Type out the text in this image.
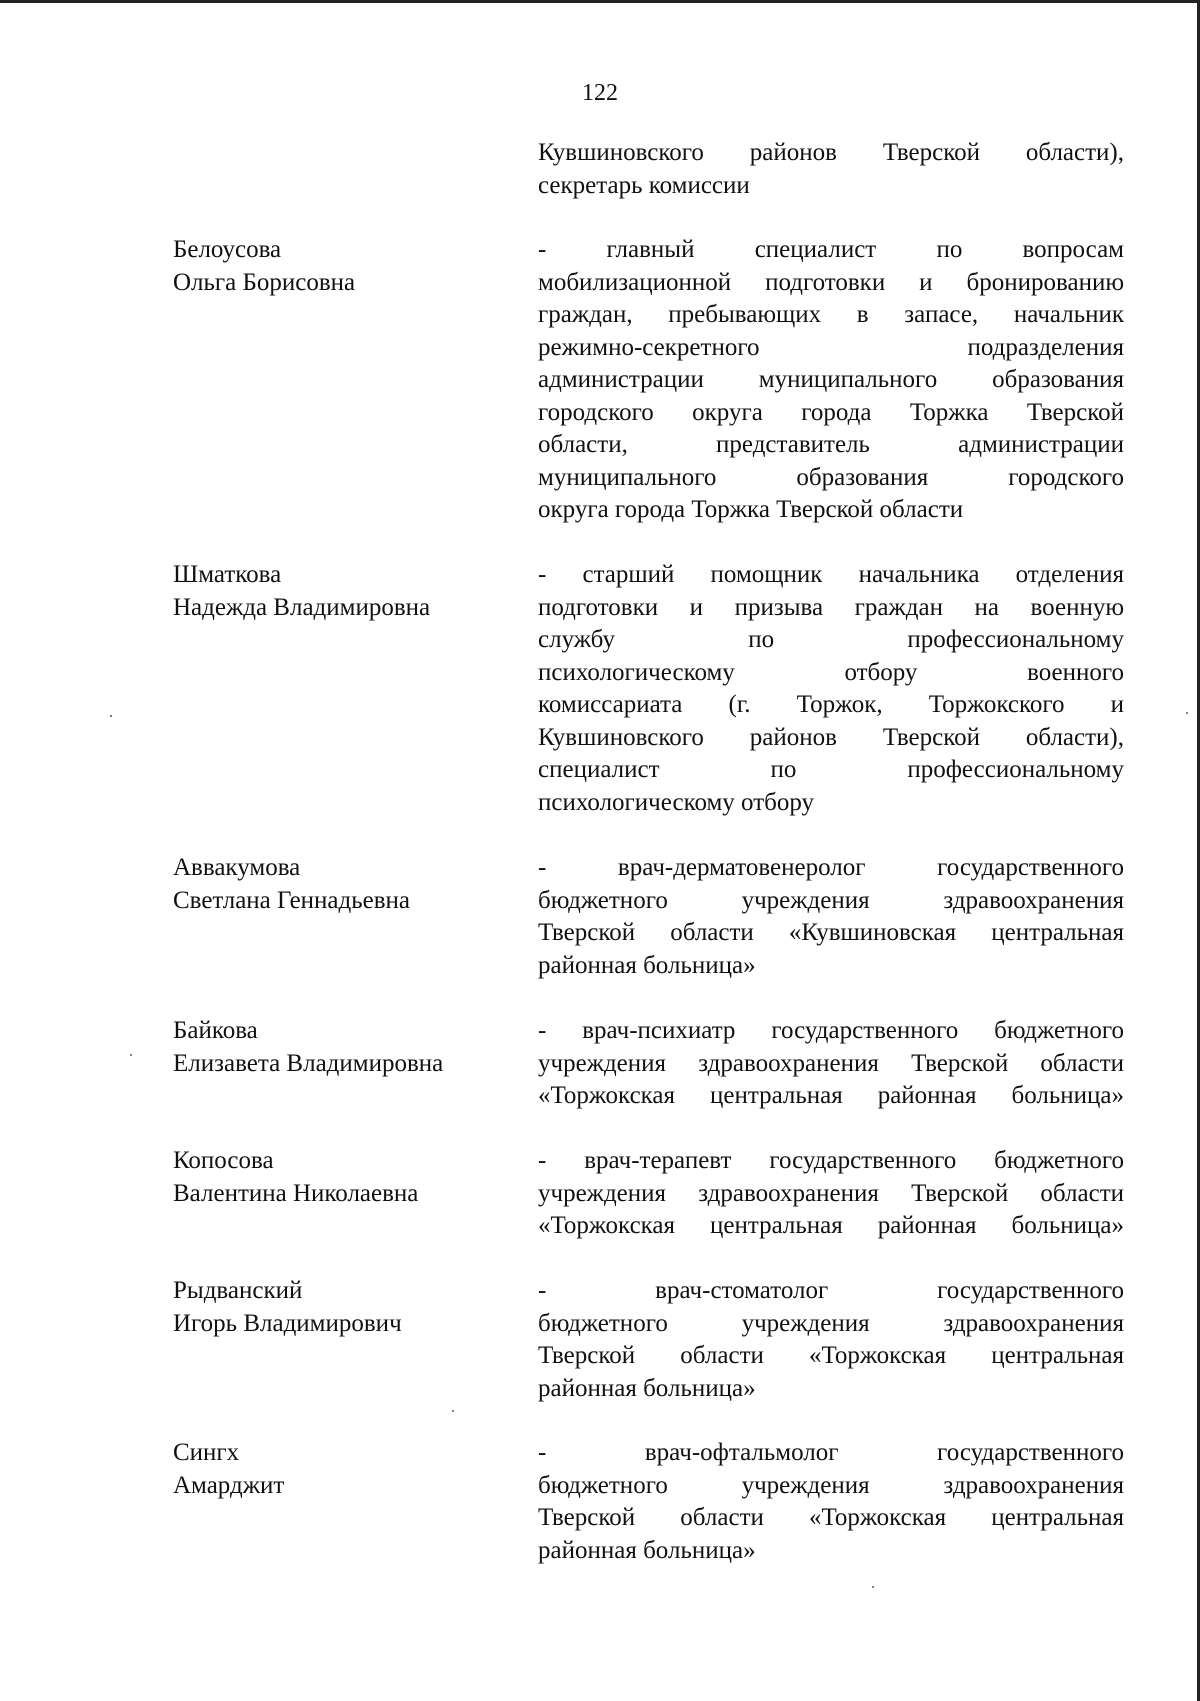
122
Кувшиновского районов Тверской области),
секретарь комиссии
Белоусова
Ольга Борисовна
- главный специалист по вопросам
мобилизационной подготовки и бронированию
граждан, пребывающих в запасе, начальник
режимно-секретного подразделения
администрации муниципального образования
городского округа города Торжка Тверской
области, представитель администрации
муниципального образования городского
округа города Торжка Тверской области
Шматкова
Надежда Владимировна
- старший помощник начальника отделения
подготовки и призыва граждан на военную
службу по профессиональному
психологическому отбору военного
комиссариата (г. Торжок, Торжокского и
Кувшиновского районов Тверской области),
специалист по профессиональному
психологическому отбору
Аввакумова
Светлана Геннадьевна
- врач-дерматовенеролог государственного
бюджетного учреждения здравоохранения
Тверской области «Кувшиновская центральная
районная больница»
Байкова
Елизавета Владимировна
- врач-психиатр государственного бюджетного
учреждения здравоохранения Тверской области
«Торжокская центральная районная больница»
Копосова
Валентина Николаевна
- врач-терапевт государственного бюджетного
учреждения здравоохранения Тверской области
«Торжокская центральная районная больница»
Рыдванский
Игорь Владимирович
- врач-стоматолог государственного
бюджетного учреждения здравоохранения
Тверской области «Торжокская центральная
районная больница»
Сингх
Амарджит
- врач-офтальмолог государственного
бюджетного учреждения здравоохранения
Тверской области «Торжокская центральная
районная больница»
